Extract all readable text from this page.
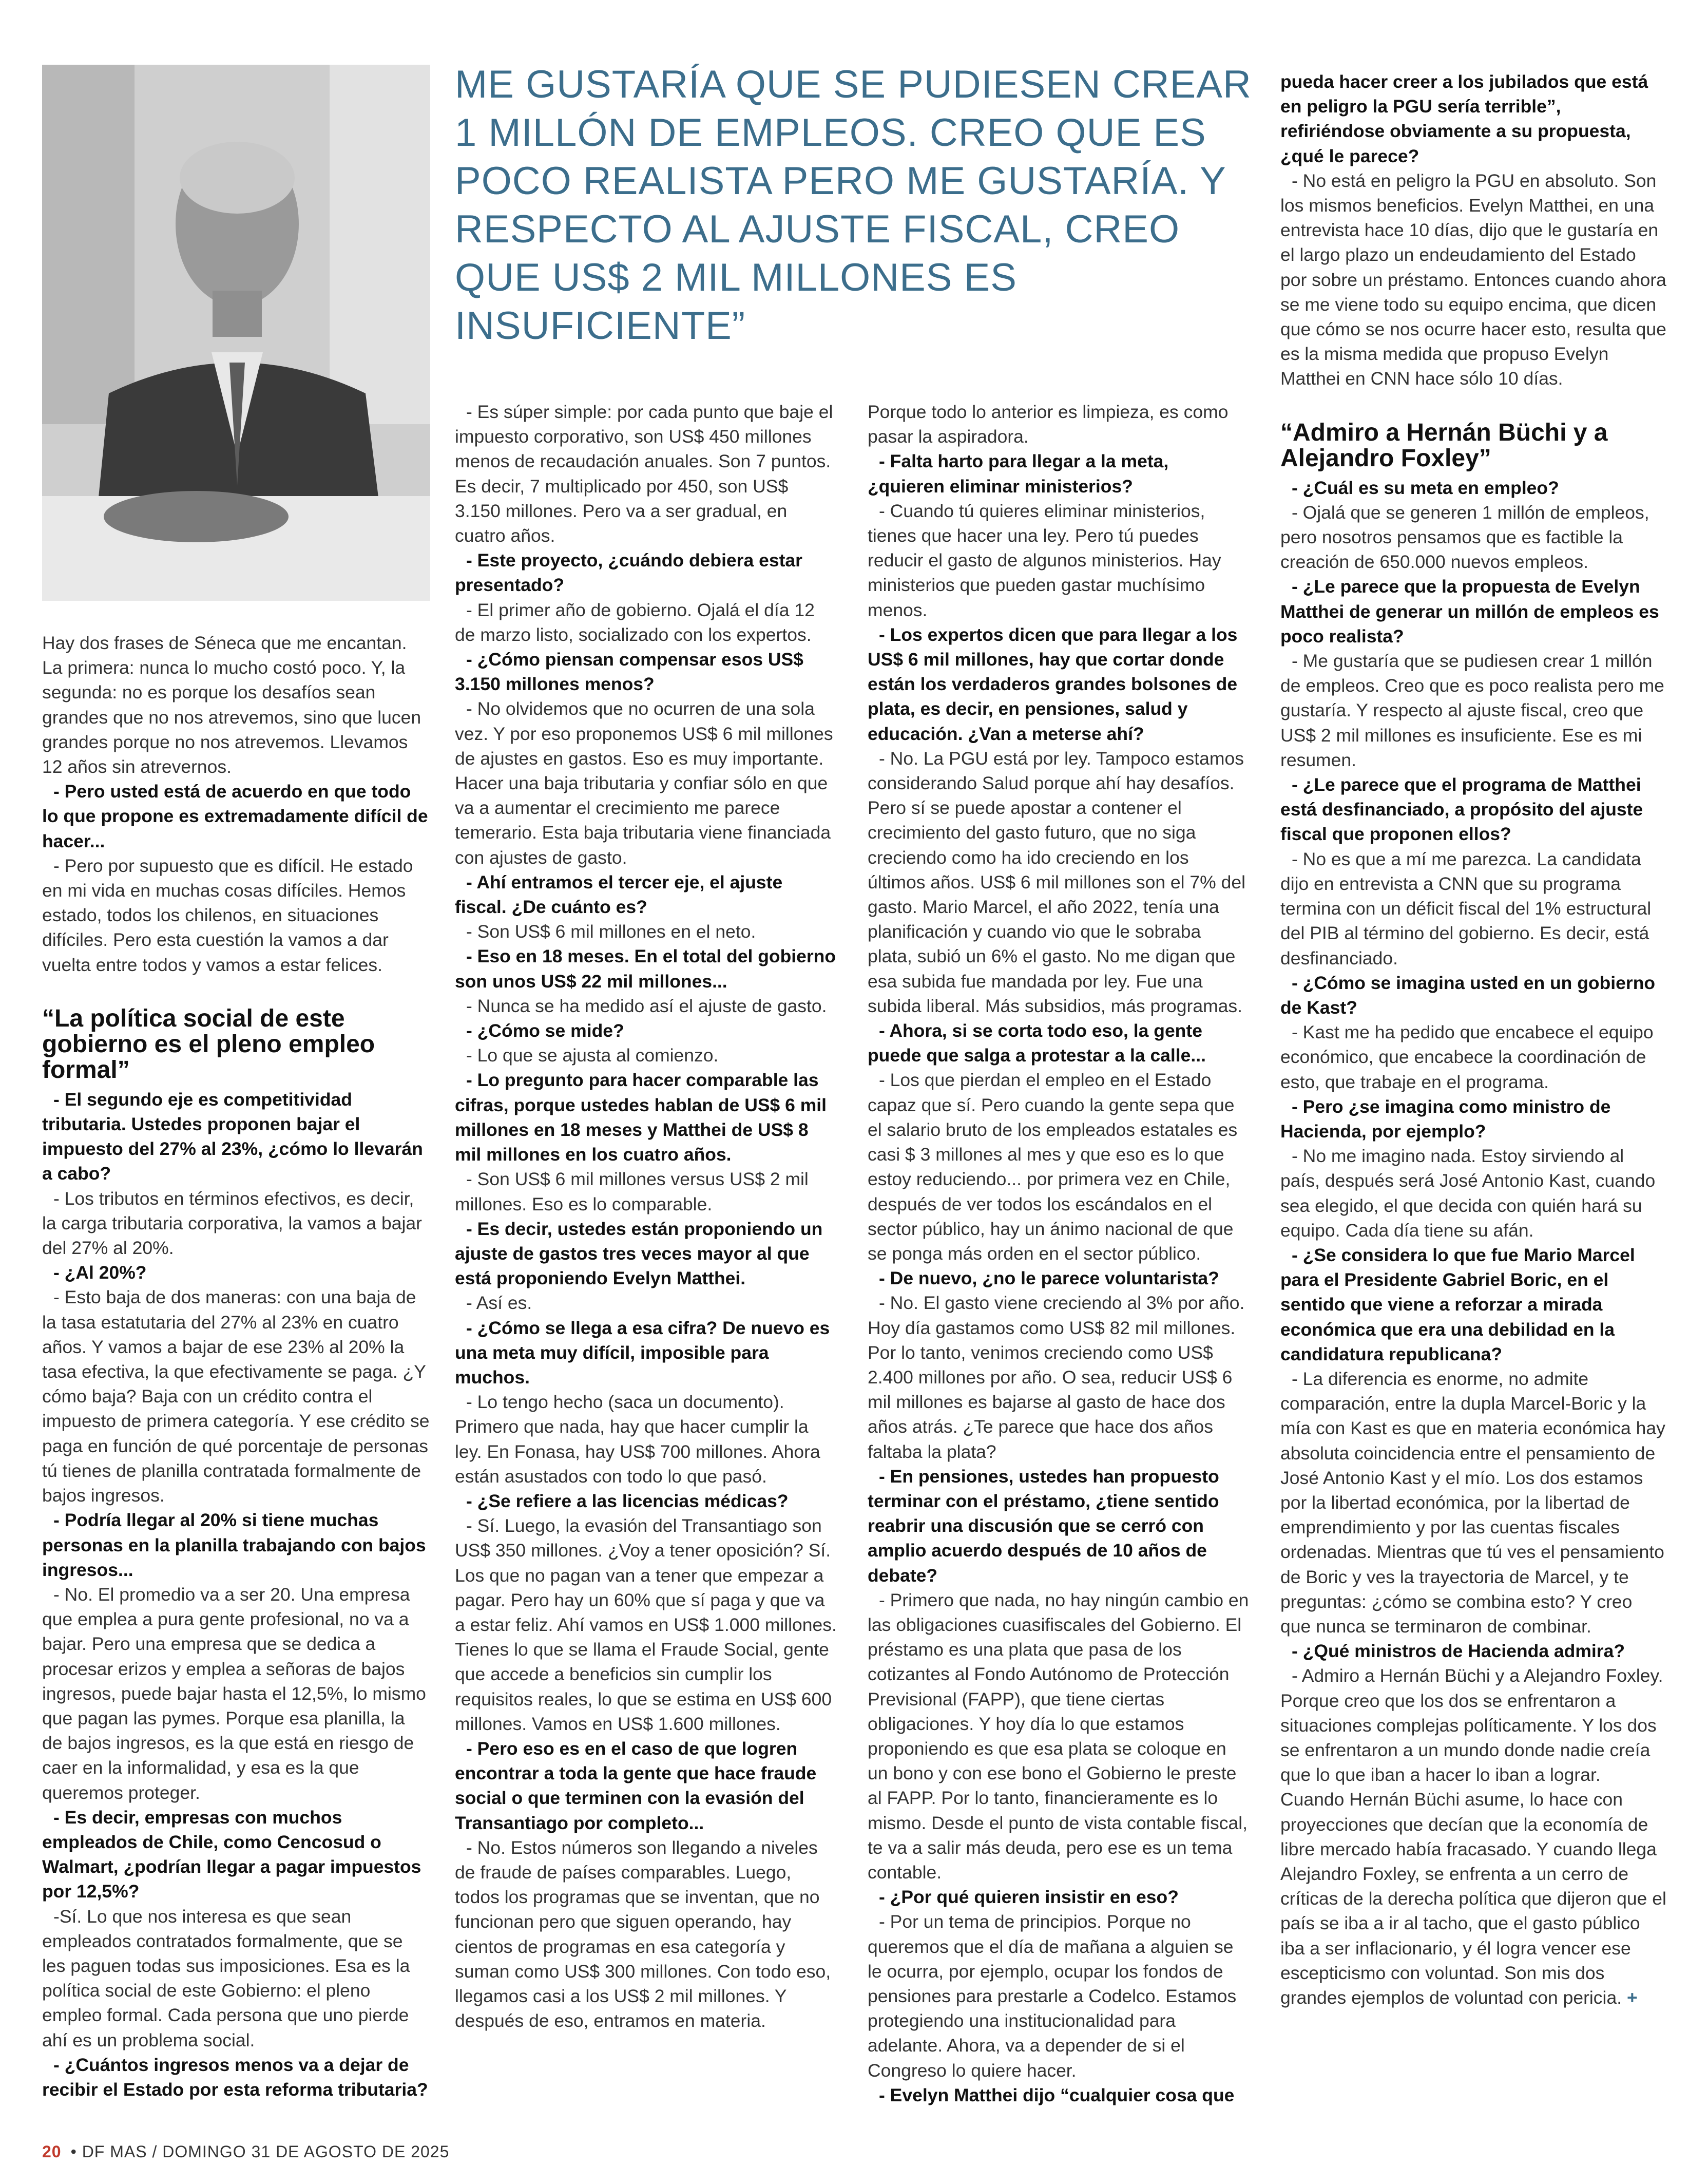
ME GUSTARÍA QUE SE PUDIESEN CREAR 1 MILLÓN DE EMPLEOS. CREO QUE ES POCO REALISTA PERO ME GUSTARÍA. Y RESPECTO AL AJUSTE FISCAL, CREO QUE US$ 2 MIL MILLONES ES INSUFICIENTE”

Hay dos frases de Séneca que me encantan. La primera: nunca lo mucho costó poco. Y, la segunda: no es porque los desafíos sean grandes que no nos atrevemos, sino que lucen grandes porque no nos atrevemos. Llevamos 12 años sin atrevernos.

- Pero usted está de acuerdo en que todo lo que propone es extremadamente difícil de hacer...

- Pero por supuesto que es difícil. He estado en mi vida en muchas cosas difíciles. Hemos estado, todos los chilenos, en situaciones difíciles. Pero esta cuestión la vamos a dar vuelta entre todos y vamos a estar felices.

“La política social de este gobierno es el pleno empleo formal”

- El segundo eje es competitividad tributaria. Ustedes proponen bajar el impuesto del 27% al 23%, ¿cómo lo llevarán a cabo?

- Los tributos en términos efectivos, es decir, la carga tributaria corporativa, la vamos a bajar del 27% al 20%.

- ¿Al 20%?

- Esto baja de dos maneras: con una baja de la tasa estatutaria del 27% al 23% en cuatro años. Y vamos a bajar de ese 23% al 20% la tasa efectiva, la que efectivamente se paga. ¿Y cómo baja? Baja con un crédito contra el impuesto de primera categoría. Y ese crédito se paga en función de qué porcentaje de personas tú tienes de planilla contratada formalmente de bajos ingresos.

- Podría llegar al 20% si tiene muchas personas en la planilla trabajando con bajos ingresos...

- No. El promedio va a ser 20. Una empresa que emplea a pura gente profesional, no va a bajar. Pero una empresa que se dedica a procesar erizos y emplea a señoras de bajos ingresos, puede bajar hasta el 12,5%, lo mismo que pagan las pymes. Porque esa planilla, la de bajos ingresos, es la que está en riesgo de caer en la informalidad, y esa es la que queremos proteger.

- Es decir, empresas con muchos empleados de Chile, como Cencosud o Walmart, ¿podrían llegar a pagar impuestos por 12,5%?

-Sí. Lo que nos interesa es que sean empleados contratados formalmente, que se les paguen todas sus imposiciones. Esa es la política social de este Gobierno: el pleno empleo formal. Cada persona que uno pierde ahí es un problema social.

- ¿Cuántos ingresos menos va a dejar de recibir el Estado por esta reforma tributaria?

- Es súper simple: por cada punto que baje el impuesto corporativo, son US$ 450 millones menos de recaudación anuales. Son 7 puntos. Es decir, 7 multiplicado por 450, son US$ 3.150 millones. Pero va a ser gradual, en cuatro años.

- Este proyecto, ¿cuándo debiera estar presentado?

- El primer año de gobierno. Ojalá el día 12 de marzo listo, socializado con los expertos.

- ¿Cómo piensan compensar esos US$ 3.150 millones menos?

- No olvidemos que no ocurren de una sola vez. Y por eso proponemos US$ 6 mil millones de ajustes en gastos. Eso es muy importante. Hacer una baja tributaria y confiar sólo en que va a aumentar el crecimiento me parece temerario. Esta baja tributaria viene financiada con ajustes de gasto.

- Ahí entramos el tercer eje, el ajuste fiscal. ¿De cuánto es?

- Son US$ 6 mil millones en el neto.

- Eso en 18 meses. En el total del gobierno son unos US$ 22 mil millones...

- Nunca se ha medido así el ajuste de gasto.

- ¿Cómo se mide?

- Lo que se ajusta al comienzo.

- Lo pregunto para hacer comparable las cifras, porque ustedes hablan de US$ 6 mil millones en 18 meses y Matthei de US$ 8 mil millones en los cuatro años.

- Son US$ 6 mil millones versus US$ 2 mil millones. Eso es lo comparable.

- Es decir, ustedes están proponiendo un ajuste de gastos tres veces mayor al que está proponiendo Evelyn Matthei.

- Así es.

- ¿Cómo se llega a esa cifra? De nuevo es una meta muy difícil, imposible para muchos.

- Lo tengo hecho (saca un documento). Primero que nada, hay que hacer cumplir la ley. En Fonasa, hay US$ 700 millones. Ahora están asustados con todo lo que pasó.

- ¿Se refiere a las licencias médicas?

- Sí. Luego, la evasión del Transantiago son US$ 350 millones. ¿Voy a tener oposición? Sí. Los que no pagan van a tener que empezar a pagar. Pero hay un 60% que sí paga y que va a estar feliz. Ahí vamos en US$ 1.000 millones. Tienes lo que se llama el Fraude Social, gente que accede a beneficios sin cumplir los requisitos reales, lo que se estima en US$ 600 millones. Vamos en US$ 1.600 millones.

- Pero eso es en el caso de que logren encontrar a toda la gente que hace fraude social o que terminen con la evasión del Transantiago por completo...

- No. Estos números son llegando a niveles de fraude de países comparables. Luego, todos los programas que se inventan, que no funcionan pero que siguen operando, hay cientos de programas en esa categoría y suman como US$ 300 millones. Con todo eso, llegamos casi a los US$ 2 mil millones. Y después de eso, entramos en materia.

Porque todo lo anterior es limpieza, es como pasar la aspiradora.

- Falta harto para llegar a la meta, ¿quieren eliminar ministerios?

- Cuando tú quieres eliminar ministerios, tienes que hacer una ley. Pero tú puedes reducir el gasto de algunos ministerios. Hay ministerios que pueden gastar muchísimo menos.

- Los expertos dicen que para llegar a los US$ 6 mil millones, hay que cortar donde están los verdaderos grandes bolsones de plata, es decir, en pensiones, salud y educación. ¿Van a meterse ahí?

- No. La PGU está por ley. Tampoco estamos considerando Salud porque ahí hay desafíos. Pero sí se puede apostar a contener el crecimiento del gasto futuro, que no siga creciendo como ha ido creciendo en los últimos años. US$ 6 mil millones son el 7% del gasto. Mario Marcel, el año 2022, tenía una planificación y cuando vio que le sobraba plata, subió un 6% el gasto. No me digan que esa subida fue mandada por ley. Fue una subida liberal. Más subsidios, más programas.

- Ahora, si se corta todo eso, la gente puede que salga a protestar a la calle...

- Los que pierdan el empleo en el Estado capaz que sí. Pero cuando la gente sepa que el salario bruto de los empleados estatales es casi $ 3 millones al mes y que eso es lo que estoy reduciendo... por primera vez en Chile, después de ver todos los escándalos en el sector público, hay un ánimo nacional de que se ponga más orden en el sector público.

- De nuevo, ¿no le parece voluntarista?

- No. El gasto viene creciendo al 3% por año. Hoy día gastamos como US$ 82 mil millones. Por lo tanto, venimos creciendo como US$ 2.400 millones por año. O sea, reducir US$ 6 mil millones es bajarse al gasto de hace dos años atrás. ¿Te parece que hace dos años faltaba la plata?

- En pensiones, ustedes han propuesto terminar con el préstamo, ¿tiene sentido reabrir una discusión que se cerró con amplio acuerdo después de 10 años de debate?

- Primero que nada, no hay ningún cambio en las obligaciones cuasifiscales del Gobierno. El préstamo es una plata que pasa de los cotizantes al Fondo Autónomo de Protección Previsional (FAPP), que tiene ciertas obligaciones. Y hoy día lo que estamos proponiendo es que esa plata se coloque en un bono y con ese bono el Gobierno le preste al FAPP. Por lo tanto, financieramente es lo mismo. Desde el punto de vista contable fiscal, te va a salir más deuda, pero ese es un tema contable.

- ¿Por qué quieren insistir en eso?

- Por un tema de principios. Porque no queremos que el día de mañana a alguien se le ocurra, por ejemplo, ocupar los fondos de pensiones para prestarle a Codelco. Estamos protegiendo una institucionalidad para adelante. Ahora, va a depender de si el Congreso lo quiere hacer.

- Evelyn Matthei dijo “cualquier cosa que

pueda hacer creer a los jubilados que está en peligro la PGU sería terrible”, refiriéndose obviamente a su propuesta, ¿qué le parece?

- No está en peligro la PGU en absoluto. Son los mismos beneficios. Evelyn Matthei, en una entrevista hace 10 días, dijo que le gustaría en el largo plazo un endeudamiento del Estado por sobre un préstamo. Entonces cuando ahora se me viene todo su equipo encima, que dicen que cómo se nos ocurre hacer esto, resulta que es la misma medida que propuso Evelyn Matthei en CNN hace sólo 10 días.

“Admiro a Hernán Büchi y a Alejandro Foxley”

- ¿Cuál es su meta en empleo?

- Ojalá que se generen 1 millón de empleos, pero nosotros pensamos que es factible la creación de 650.000 nuevos empleos.

- ¿Le parece que la propuesta de Evelyn Matthei de generar un millón de empleos es poco realista?

- Me gustaría que se pudiesen crear 1 millón de empleos. Creo que es poco realista pero me gustaría. Y respecto al ajuste fiscal, creo que US$ 2 mil millones es insuficiente. Ese es mi resumen.

- ¿Le parece que el programa de Matthei está desfinanciado, a propósito del ajuste fiscal que proponen ellos?

- No es que a mí me parezca. La candidata dijo en entrevista a CNN que su programa termina con un déficit fiscal del 1% estructural del PIB al término del gobierno. Es decir, está desfinanciado.

- ¿Cómo se imagina usted en un gobierno de Kast?

- Kast me ha pedido que encabece el equipo económico, que encabece la coordinación de esto, que trabaje en el programa.

- Pero ¿se imagina como ministro de Hacienda, por ejemplo?

- No me imagino nada. Estoy sirviendo al país, después será José Antonio Kast, cuando sea elegido, el que decida con quién hará su equipo. Cada día tiene su afán.

- ¿Se considera lo que fue Mario Marcel para el Presidente Gabriel Boric, en el sentido que viene a reforzar a mirada económica que era una debilidad en la candidatura republicana?

- La diferencia es enorme, no admite comparación, entre la dupla Marcel-Boric y la mía con Kast es que en materia económica hay absoluta coincidencia entre el pensamiento de José Antonio Kast y el mío. Los dos estamos por la libertad económica, por la libertad de emprendimiento y por las cuentas fiscales ordenadas. Mientras que tú ves el pensamiento de Boric y ves la trayectoria de Marcel, y te preguntas: ¿cómo se combina esto? Y creo que nunca se terminaron de combinar.

- ¿Qué ministros de Hacienda admira?

- Admiro a Hernán Büchi y a Alejandro Foxley. Porque creo que los dos se enfrentaron a situaciones complejas políticamente. Y los dos se enfrentaron a un mundo donde nadie creía que lo que iban a hacer lo iban a lograr. Cuando Hernán Büchi asume, lo hace con proyecciones que decían que la economía de libre mercado había fracasado. Y cuando llega Alejandro Foxley, se enfrenta a un cerro de críticas de la derecha política que dijeron que el país se iba a ir al tacho, que el gasto público iba a ser inflacionario, y él logra vencer ese escepticismo con voluntad. Son mis dos grandes ejemplos de voluntad con pericia. +

20 • DF MAS / DOMINGO 31 DE AGOSTO DE 2025
